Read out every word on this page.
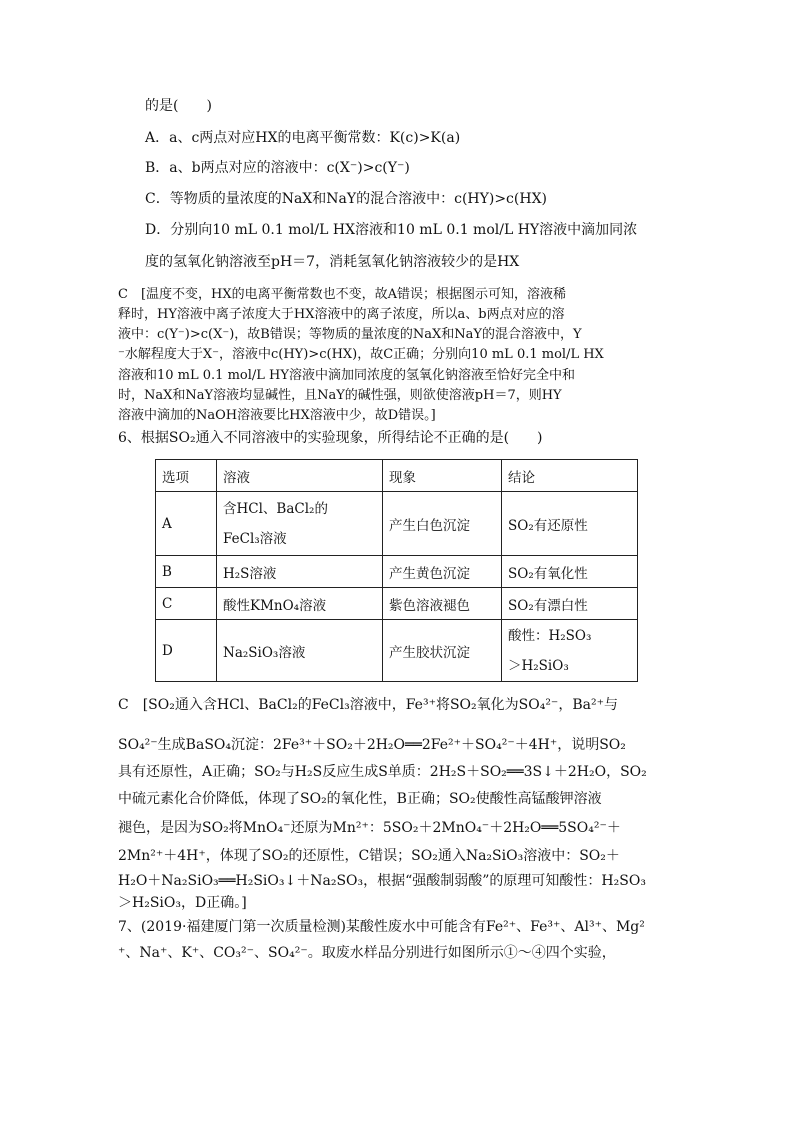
的是(　　)
A．a、c两点对应HX的电离平衡常数：K(c)>K(a)
B．a、b两点对应的溶液中：c(X⁻)>c(Y⁻)
C．等物质的量浓度的NaX和NaY的混合溶液中：c(HY)>c(HX)
D．分别向10 mL 0.1 mol/L HX溶液和10 mL 0.1 mol/L HY溶液中滴加同浓
度的氢氧化钠溶液至pH＝7，消耗氢氧化钠溶液较少的是HX
C　[温度不变，HX的电离平衡常数也不变，故A错误；根据图示可知，溶液稀
释时，HY溶液中离子浓度大于HX溶液中的离子浓度，所以a、b两点对应的溶
液中：c(Y⁻)>c(X⁻)，故B错误；等物质的量浓度的NaX和NaY的混合溶液中，Y
⁻水解程度大于X⁻，溶液中c(HY)>c(HX)，故C正确；分别向10 mL 0.1 mol/L HX
溶液和10 mL 0.1 mol/L HY溶液中滴加同浓度的氢氧化钠溶液至恰好完全中和
时，NaX和NaY溶液均显碱性，且NaY的碱性强，则欲使溶液pH＝7，则HY
溶液中滴加的NaOH溶液要比HX溶液中少，故D错误。]
6、根据SO₂通入不同溶液中的实验现象，所得结论不正确的是(　　)
选项	溶液	现象	结论
A	含HCl、BaCl₂的
FeCl₃溶液	产生白色沉淀	SO₂有还原性
B	H₂S溶液	产生黄色沉淀	SO₂有氧化性
C	酸性KMnO₄溶液	紫色溶液褪色	SO₂有漂白性
D	Na₂SiO₃溶液	产生胶状沉淀	酸性：H₂SO₃
＞H₂SiO₃
C　[SO₂通入含HCl、BaCl₂的FeCl₃溶液中，Fe³⁺将SO₂氧化为SO₄²⁻，Ba²⁺与
SO₄²⁻生成BaSO₄沉淀：2Fe³⁺＋SO₂＋2H₂O══2Fe²⁺＋SO₄²⁻＋4H⁺，说明SO₂
具有还原性，A正确；SO₂与H₂S反应生成S单质：2H₂S＋SO₂══3S↓＋2H₂O，SO₂
中硫元素化合价降低，体现了SO₂的氧化性，B正确；SO₂使酸性高锰酸钾溶液
褪色，是因为SO₂将MnO₄⁻还原为Mn²⁺：5SO₂＋2MnO₄⁻＋2H₂O══5SO₄²⁻＋
2Mn²⁺＋4H⁺，体现了SO₂的还原性，C错误；SO₂通入Na₂SiO₃溶液中：SO₂＋
H₂O＋Na₂SiO₃══H₂SiO₃↓＋Na₂SO₃，根据“强酸制弱酸”的原理可知酸性：H₂SO₃
＞H₂SiO₃，D正确。]
7、(2019·福建厦门第一次质量检测)某酸性废水中可能含有Fe²⁺、Fe³⁺、Al³⁺、Mg²
⁺、Na⁺、K⁺、CO₃²⁻、SO₄²⁻。取废水样品分别进行如图所示①～④四个实验，
